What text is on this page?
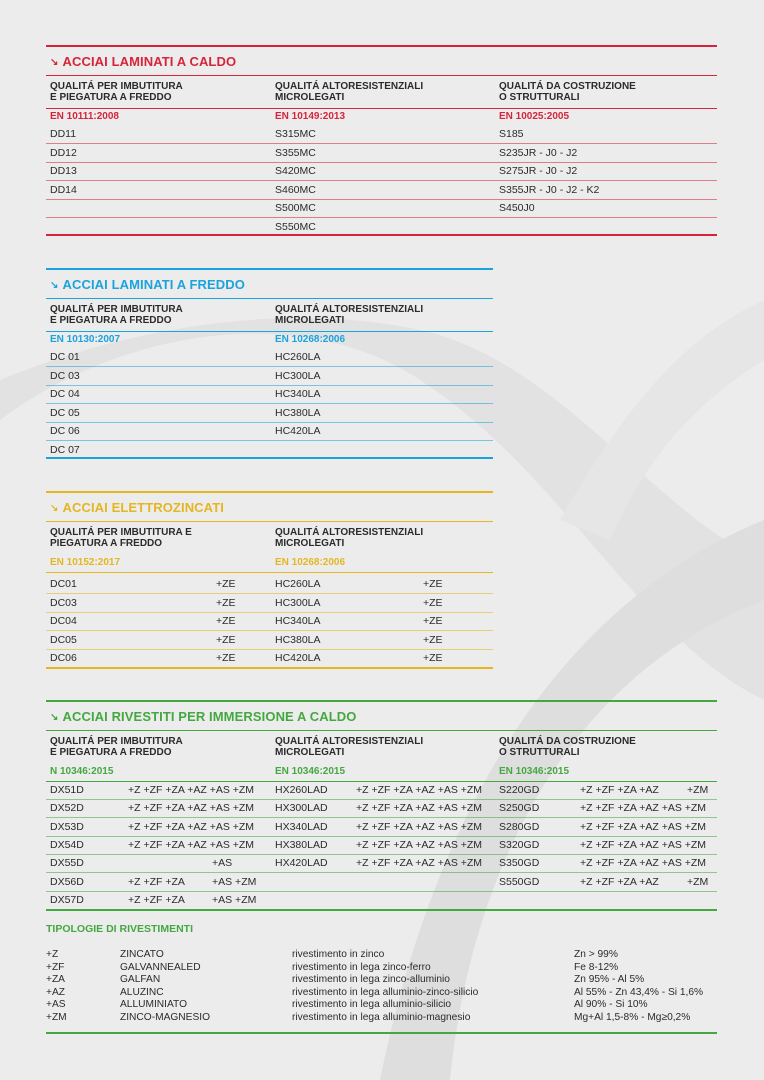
↘ ACCIAI LAMINATI A CALDO
QUALITÁ PER IMBUTITURA
E PIEGATURA A FREDDO
QUALITÁ ALTORESISTENZIALI
MICROLEGATI
QUALITÁ DA COSTRUZIONE
O STRUTTURALI
EN 10111:2008	EN 10149:2013	EN 10025:2005
DD11	S315MC	S185
DD12	S355MC	S235JR - J0 - J2
DD13	S420MC	S275JR - J0 - J2
DD14	S460MC	S355JR - J0 - J2 - K2
S500MC	S450J0
S550MC
↘ ACCIAI LAMINATI A FREDDO
QUALITÁ PER IMBUTITURA
E PIEGATURA A FREDDO
QUALITÁ ALTORESISTENZIALI
MICROLEGATI
EN 10130:2007	EN 10268:2006
DC 01	HC260LA
DC 03	HC300LA
DC 04	HC340LA
DC 05	HC380LA
DC 06	HC420LA
DC 07
↘ ACCIAI ELETTROZINCATI
QUALITÁ PER IMBUTITURA E
PIEGATURA A FREDDO
QUALITÁ ALTORESISTENZIALI
MICROLEGATI
EN 10152:2017	EN 10268:2006
DC01	+ZE	HC260LA	+ZE
DC03	+ZE	HC300LA	+ZE
DC04	+ZE	HC340LA	+ZE
DC05	+ZE	HC380LA	+ZE
DC06	+ZE	HC420LA	+ZE
↘ ACCIAI RIVESTITI PER IMMERSIONE A CALDO
QUALITÁ PER IMBUTITURA
E PIEGATURA A FREDDO
QUALITÁ ALTORESISTENZIALI
MICROLEGATI
QUALITÁ DA COSTRUZIONE
O STRUTTURALI
N 10346:2015	EN 10346:2015	EN 10346:2015
DX51D	+Z +ZF +ZA +AZ +AS +ZM HX260LAD	+Z +ZF +ZA +AZ +AS +ZM S220GD	+Z +ZF +ZA +AZ	+ZM
DX52D	+Z +ZF +ZA +AZ +AS +ZM HX300LAD	+Z +ZF +ZA +AZ +AS +ZM S250GD	+Z +ZF +ZA +AZ +AS +ZM
DX53D	+Z +ZF +ZA +AZ +AS +ZM HX340LAD	+Z +ZF +ZA +AZ +AS +ZM S280GD	+Z +ZF +ZA +AZ +AS +ZM
DX54D	+Z +ZF +ZA +AZ +AS +ZM HX380LAD	+Z +ZF +ZA +AZ +AS +ZM S320GD	+Z +ZF +ZA +AZ +AS +ZM
DX55D	+AS	HX420LAD	+Z +ZF +ZA +AZ +AS +ZM S350GD	+Z +ZF +ZA +AZ +AS +ZM
DX56D	+Z +ZF +ZA	+AS +ZM	S550GD	+Z +ZF +ZA +AZ	+ZM
DX57D	+Z +ZF +ZA	+AS +ZM
TIPOLOGIE DI RIVESTIMENTI
+Z	ZINCATO	rivestimento in zinco	Zn > 99%
+ZF	GALVANNEALED	rivestimento in lega zinco-ferro	Fe 8-12%
+ZA	GALFAN	rivestimento in lega zinco-alluminio	Zn 95% - Al 5%
+AZ	ALUZINC	rivestimento in lega alluminio-zinco-silicio	Al 55% - Zn 43,4% - Si 1,6%
+AS	ALLUMINIATO	rivestimento in lega alluminio-silicio	Al 90% - Si 10%
+ZM	ZINCO-MAGNESIO	rivestimento in lega alluminio-magnesio	Mg+Al 1,5-8% - Mg≥0,2%
